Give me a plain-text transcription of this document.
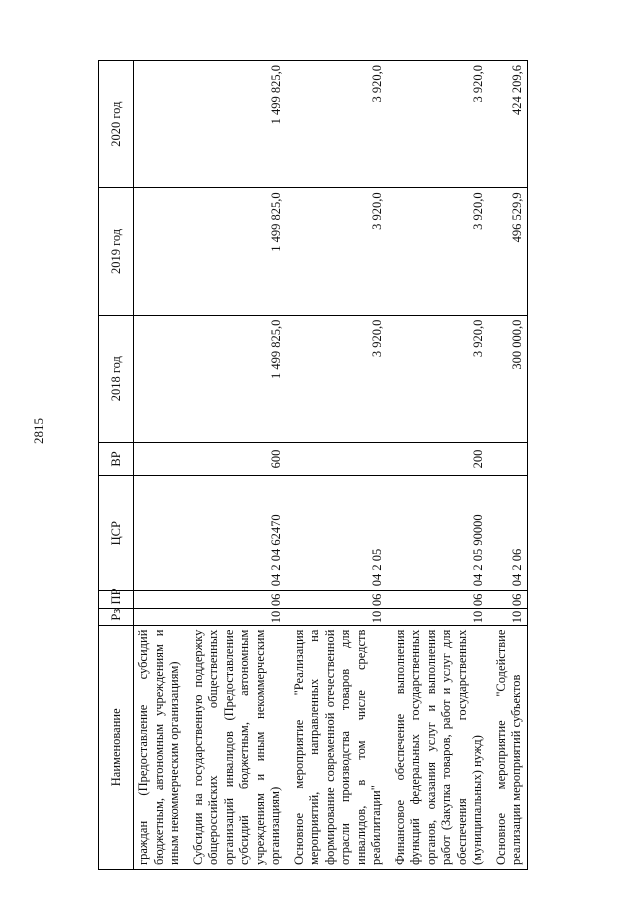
2815
Наименование	Рз	ПР	ЦСР	ВР	2018 год	2019 год	2020 год
граждан (Предоставление субсидий бюджетным, автономным учреждениям и иным некоммерческим организациям)							
Субсидии на государственную поддержку общероссийских общественных организаций инвалидов (Предоставление субсидий бюджетным, автономным учреждениям и иным некоммерческим организациям)	10	06	04 2 04 62470	600	1 499 825,0	1 499 825,0	1 499 825,0
Основное мероприятие "Реализация мероприятий, направленных на формирование современной отечественной отрасли производства товаров для инвалидов, в том числе средств реабилитации"	10	06	04 2 05		3 920,0	3 920,0	3 920,0
Финансовое обеспечение выполнения функций федеральных государственных органов, оказания услуг и выполнения работ (Закупка товаров, работ и услуг для обеспечения государственных (муниципальных) нужд)	10	06	04 2 05 90000	200	3 920,0	3 920,0	3 920,0
Основное мероприятие "Содействие реализации мероприятий субъектов	10	06	04 2 06		300 000,0	496 529,9	424 209,6
